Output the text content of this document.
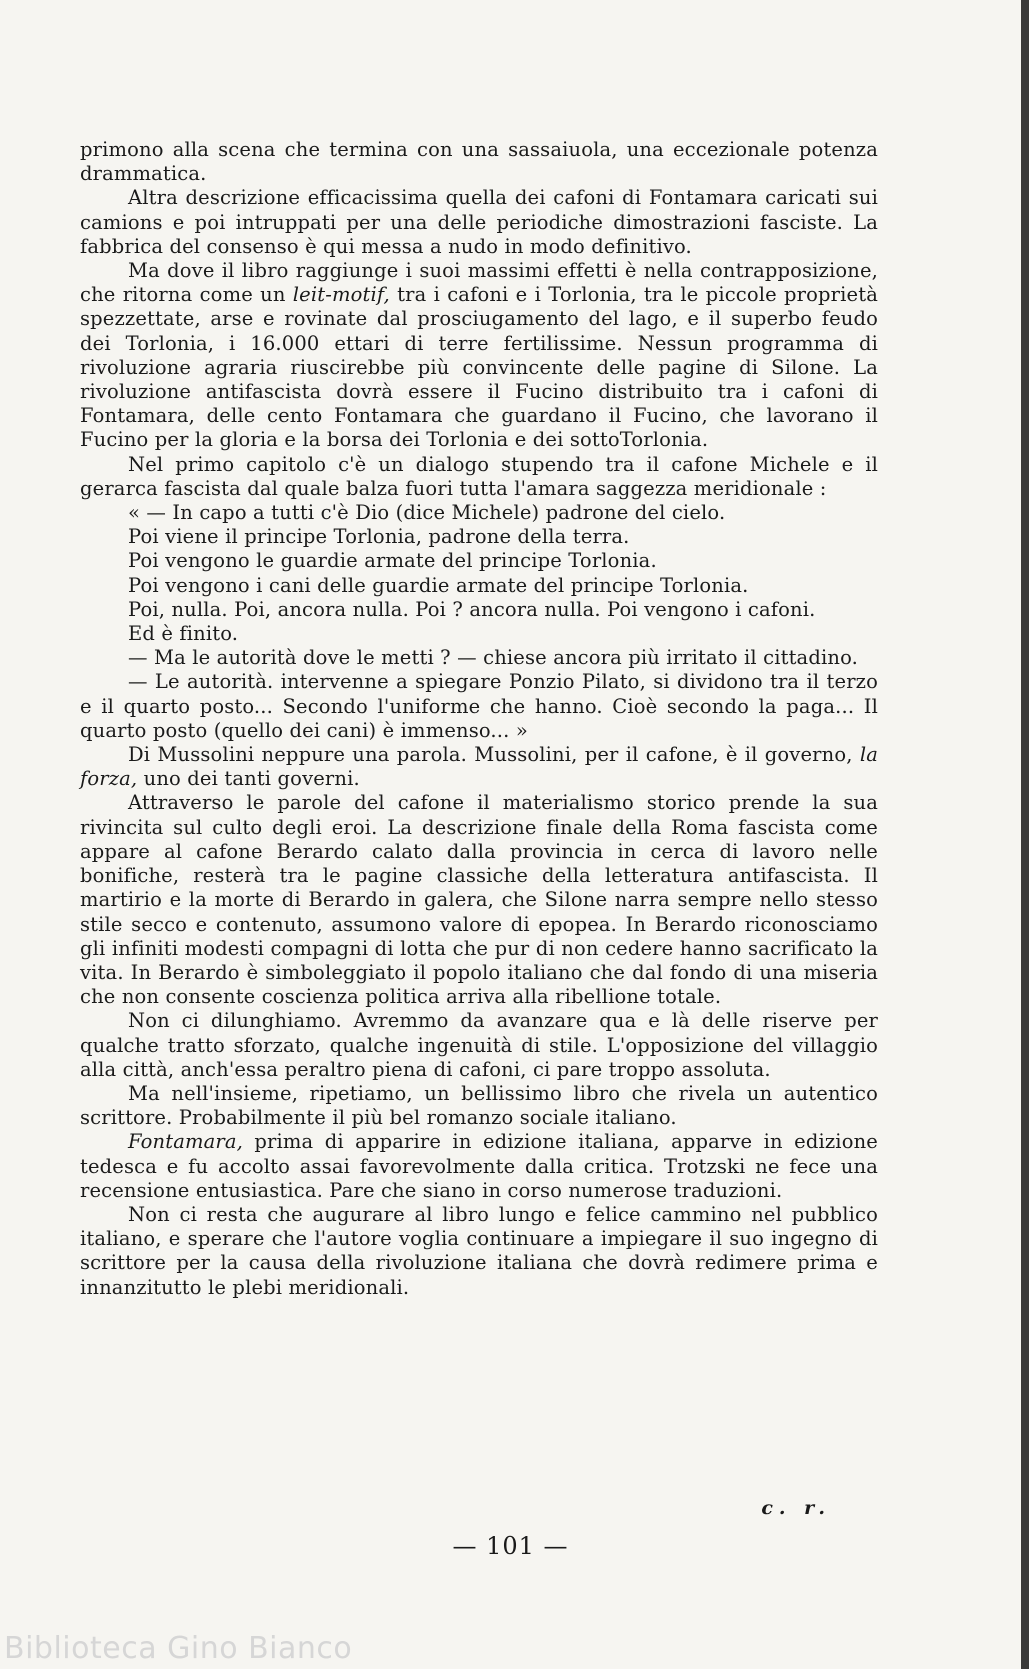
primono alla scena che termina con una sassaiuola, una eccezionale potenza drammatica.

Altra descrizione efficacissima quella dei cafoni di Fontamara caricati sui camions e poi intruppati per una delle periodiche dimostrazioni fasciste. La fabbrica del consenso è qui messa a nudo in modo definitivo.

Ma dove il libro raggiunge i suoi massimi effetti è nella contrapposizione, che ritorna come un leit-motif, tra i cafoni e i Torlonia, tra le piccole proprietà spezzettate, arse e rovinate dal prosciugamento del lago, e il superbo feudo dei Torlonia, i 16.000 ettari di terre fertilissime. Nessun programma di rivoluzione agraria riuscirebbe più convincente delle pagine di Silone. La rivoluzione antifascista dovrà essere il Fucino distribuito tra i cafoni di Fontamara, delle cento Fontamara che guardano il Fucino, che lavorano il Fucino per la gloria e la borsa dei Torlonia e dei sottoTorlonia.

Nel primo capitolo c'è un dialogo stupendo tra il cafone Michele e il gerarca fascista dal quale balza fuori tutta l'amara saggezza meridionale :

« — In capo a tutti c'è Dio (dice Michele) padrone del cielo.

Poi viene il principe Torlonia, padrone della terra.

Poi vengono le guardie armate del principe Torlonia.

Poi vengono i cani delle guardie armate del principe Torlonia.

Poi, nulla. Poi, ancora nulla. Poi ? ancora nulla. Poi vengono i cafoni.

Ed è finito.

— Ma le autorità dove le metti ? — chiese ancora più irritato il cittadino.

— Le autorità. intervenne a spiegare Ponzio Pilato, si dividono tra il terzo e il quarto posto... Secondo l'uniforme che hanno. Cioè secondo la paga... Il quarto posto (quello dei cani) è immenso... »

Di Mussolini neppure una parola. Mussolini, per il cafone, è il governo, la forza, uno dei tanti governi.

Attraverso le parole del cafone il materialismo storico prende la sua rivincita sul culto degli eroi. La descrizione finale della Roma fascista come appare al cafone Berardo calato dalla provincia in cerca di lavoro nelle bonifiche, resterà tra le pagine classiche della letteratura antifascista. Il martirio e la morte di Berardo in galera, che Silone narra sempre nello stesso stile secco e contenuto, assumono valore di epopea. In Berardo riconosciamo gli infiniti modesti compagni di lotta che pur di non cedere hanno sacrificato la vita. In Berardo è simboleggiato il popolo italiano che dal fondo di una miseria che non consente coscienza politica arriva alla ribellione totale.

Non ci dilunghiamo. Avremmo da avanzare qua e là delle riserve per qualche tratto sforzato, qualche ingenuità di stile. L'opposizione del villaggio alla città, anch'essa peraltro piena di cafoni, ci pare troppo assoluta.

Ma nell'insieme, ripetiamo, un bellissimo libro che rivela un autentico scrittore. Probabilmente il più bel romanzo sociale italiano.

Fontamara, prima di apparire in edizione italiana, apparve in edizione tedesca e fu accolto assai favorevolmente dalla critica. Trotzski ne fece una recensione entusiastica. Pare che siano in corso numerose traduzioni.

Non ci resta che augurare al libro lungo e felice cammino nel pubblico italiano, e sperare che l'autore voglia continuare a impiegare il suo ingegno di scrittore per la causa della rivoluzione italiana che dovrà redimere prima e innanzitutto le plebi meridionali.

c. r.
— 101 —
Biblioteca Gino Bianco
